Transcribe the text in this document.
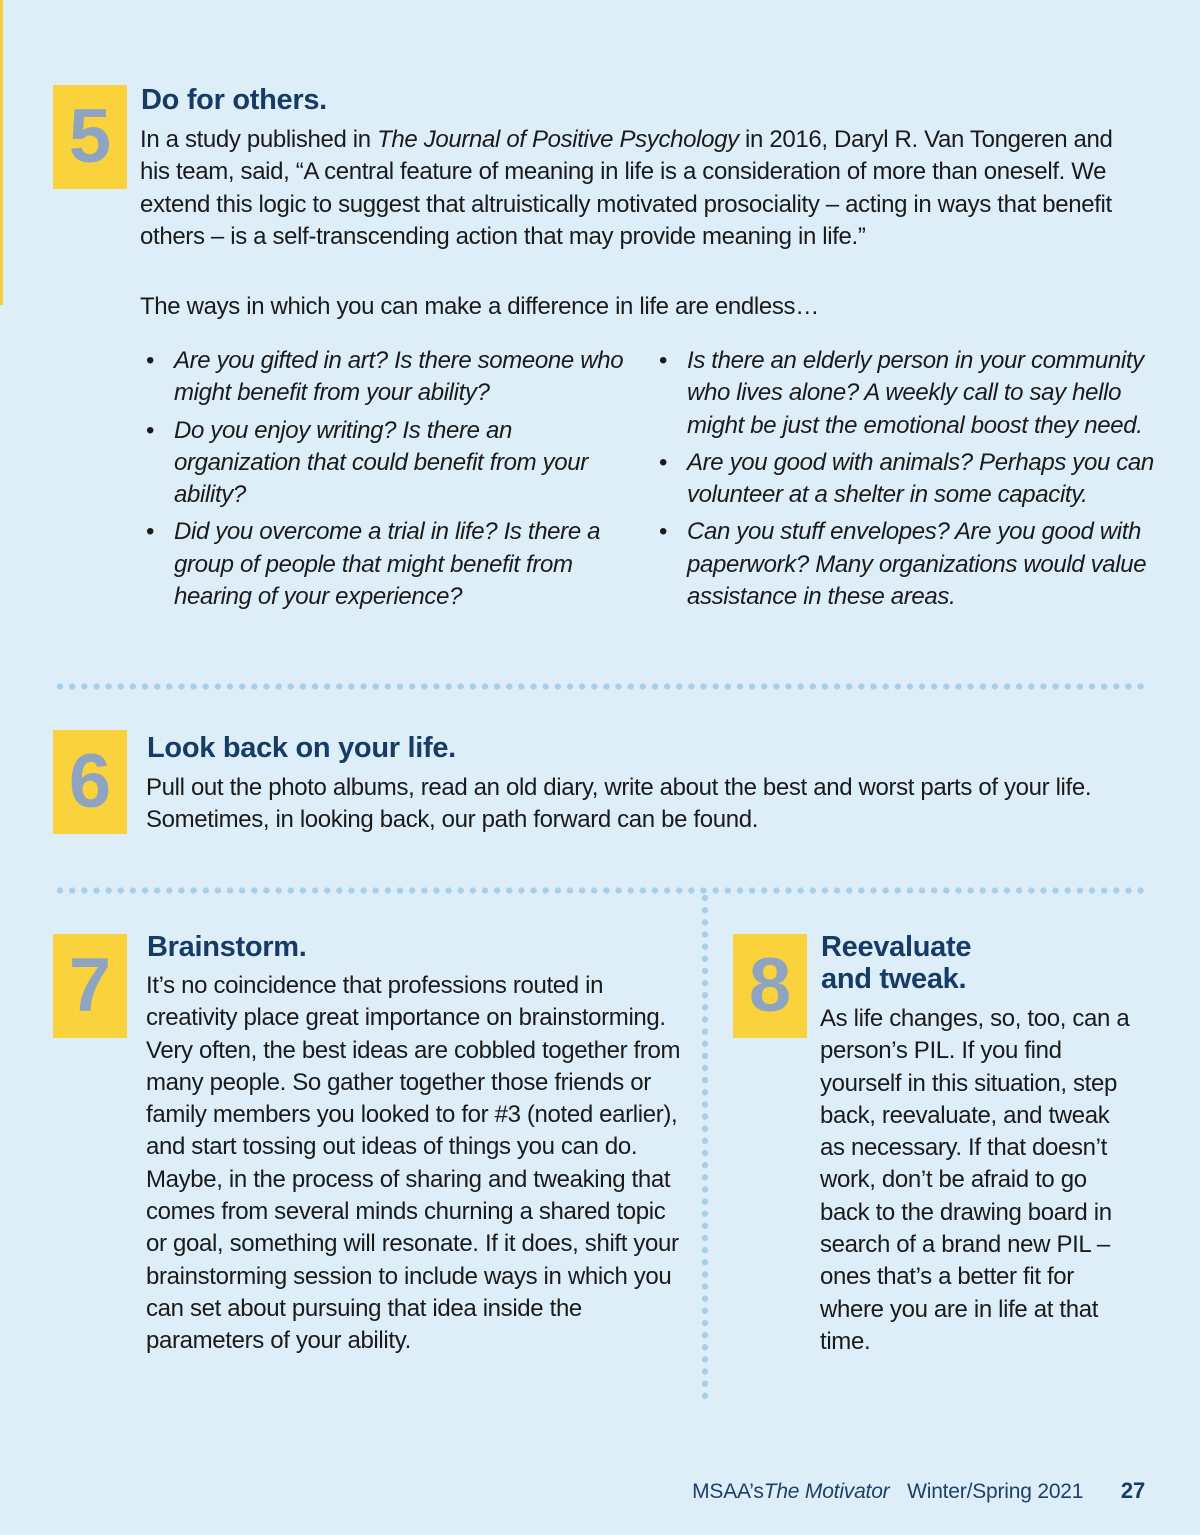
5	Do for others.

In a study published in The Journal of Positive Psychology in 2016, Daryl R. Van Tongeren and his team, said, “A central feature of meaning in life is a consideration of more than oneself. We extend this logic to suggest that altruistically motivated prosociality – acting in ways that benefit others – is a self-transcending action that may provide meaning in life.”

The ways in which you can make a difference in life are endless…

• Are you gifted in art? Is there someone who might benefit from your ability?
• Do you enjoy writing? Is there an organization that could benefit from your ability?
• Did you overcome a trial in life? Is there a group of people that might benefit from hearing of your experience?
• Is there an elderly person in your community who lives alone? A weekly call to say hello might be just the emotional boost they need.
• Are you good with animals? Perhaps you can volunteer at a shelter in some capacity.
• Can you stuff envelopes? Are you good with paperwork? Many organizations would value assistance in these areas.
6	Look back on your life.

Pull out the photo albums, read an old diary, write about the best and worst parts of your life. Sometimes, in looking back, our path forward can be found.

7	Brainstorm.

It’s no coincidence that professions routed in creativity place great importance on brainstorming. Very often, the best ideas are cobbled together from many people. So gather together those friends or family members you looked to for #3 (noted earlier), and start tossing out ideas of things you can do. Maybe, in the process of sharing and tweaking that comes from several minds churning a shared topic or goal, something will resonate. If it does, shift your brainstorming session to include ways in which you can set about pursuing that idea inside the parameters of your ability.

8	Reevaluate
and tweak.

As life changes, so, too, can a person’s PIL. If you find yourself in this situation, step back, reevaluate, and tweak as necessary. If that doesn’t work, don’t be afraid to go back to the drawing board in search of a brand new PIL – ones that’s a better fit for where you are in life at that time.

MSAA’sThe Motivator Winter/Spring 2021 27
